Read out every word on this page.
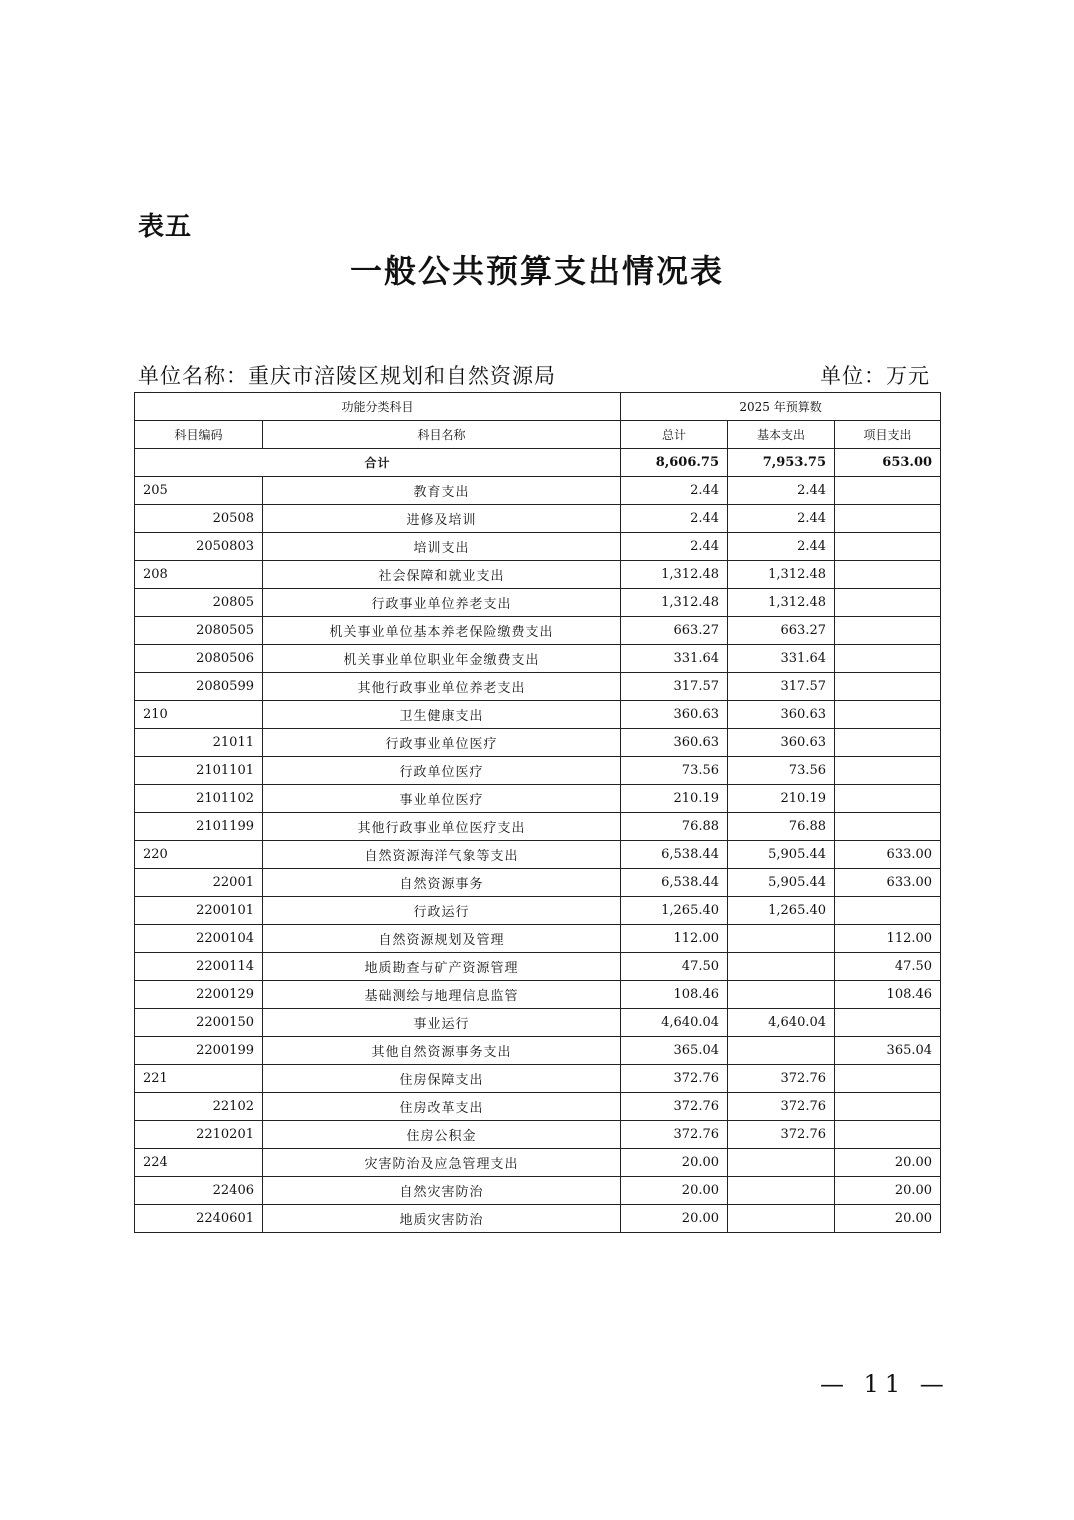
表五
一般公共预算支出情况表
单位名称：重庆市涪陵区规划和自然资源局	单位：万元
功能分类科目		2025 年预算数		
科目编码	科目名称	总计	基本支出	项目支出
合计		8,606.75	7,953.75	653.00
205	教育支出	2.44	2.44	
20508	进修及培训	2.44	2.44	
2050803	培训支出	2.44	2.44	
208	社会保障和就业支出	1,312.48	1,312.48	
20805	行政事业单位养老支出	1,312.48	1,312.48	
2080505	机关事业单位基本养老保险缴费支出	663.27	663.27	
2080506	机关事业单位职业年金缴费支出	331.64	331.64	
2080599	其他行政事业单位养老支出	317.57	317.57	
210	卫生健康支出	360.63	360.63	
21011	行政事业单位医疗	360.63	360.63	
2101101	行政单位医疗	73.56	73.56	
2101102	事业单位医疗	210.19	210.19	
2101199	其他行政事业单位医疗支出	76.88	76.88	
220	自然资源海洋气象等支出	6,538.44	5,905.44	633.00
22001	自然资源事务	6,538.44	5,905.44	633.00
2200101	行政运行	1,265.40	1,265.40	
2200104	自然资源规划及管理	112.00		112.00
2200114	地质勘查与矿产资源管理	47.50		47.50
2200129	基础测绘与地理信息监管	108.46		108.46
2200150	事业运行	4,640.04	4,640.04	
2200199	其他自然资源事务支出	365.04		365.04
221	住房保障支出	372.76	372.76	
22102	住房改革支出	372.76	372.76	
2210201	住房公积金	372.76	372.76	
224	灾害防治及应急管理支出	20.00		20.00
22406	自然灾害防治	20.00		20.00
2240601	地质灾害防治	20.00		20.00
— 11 —
